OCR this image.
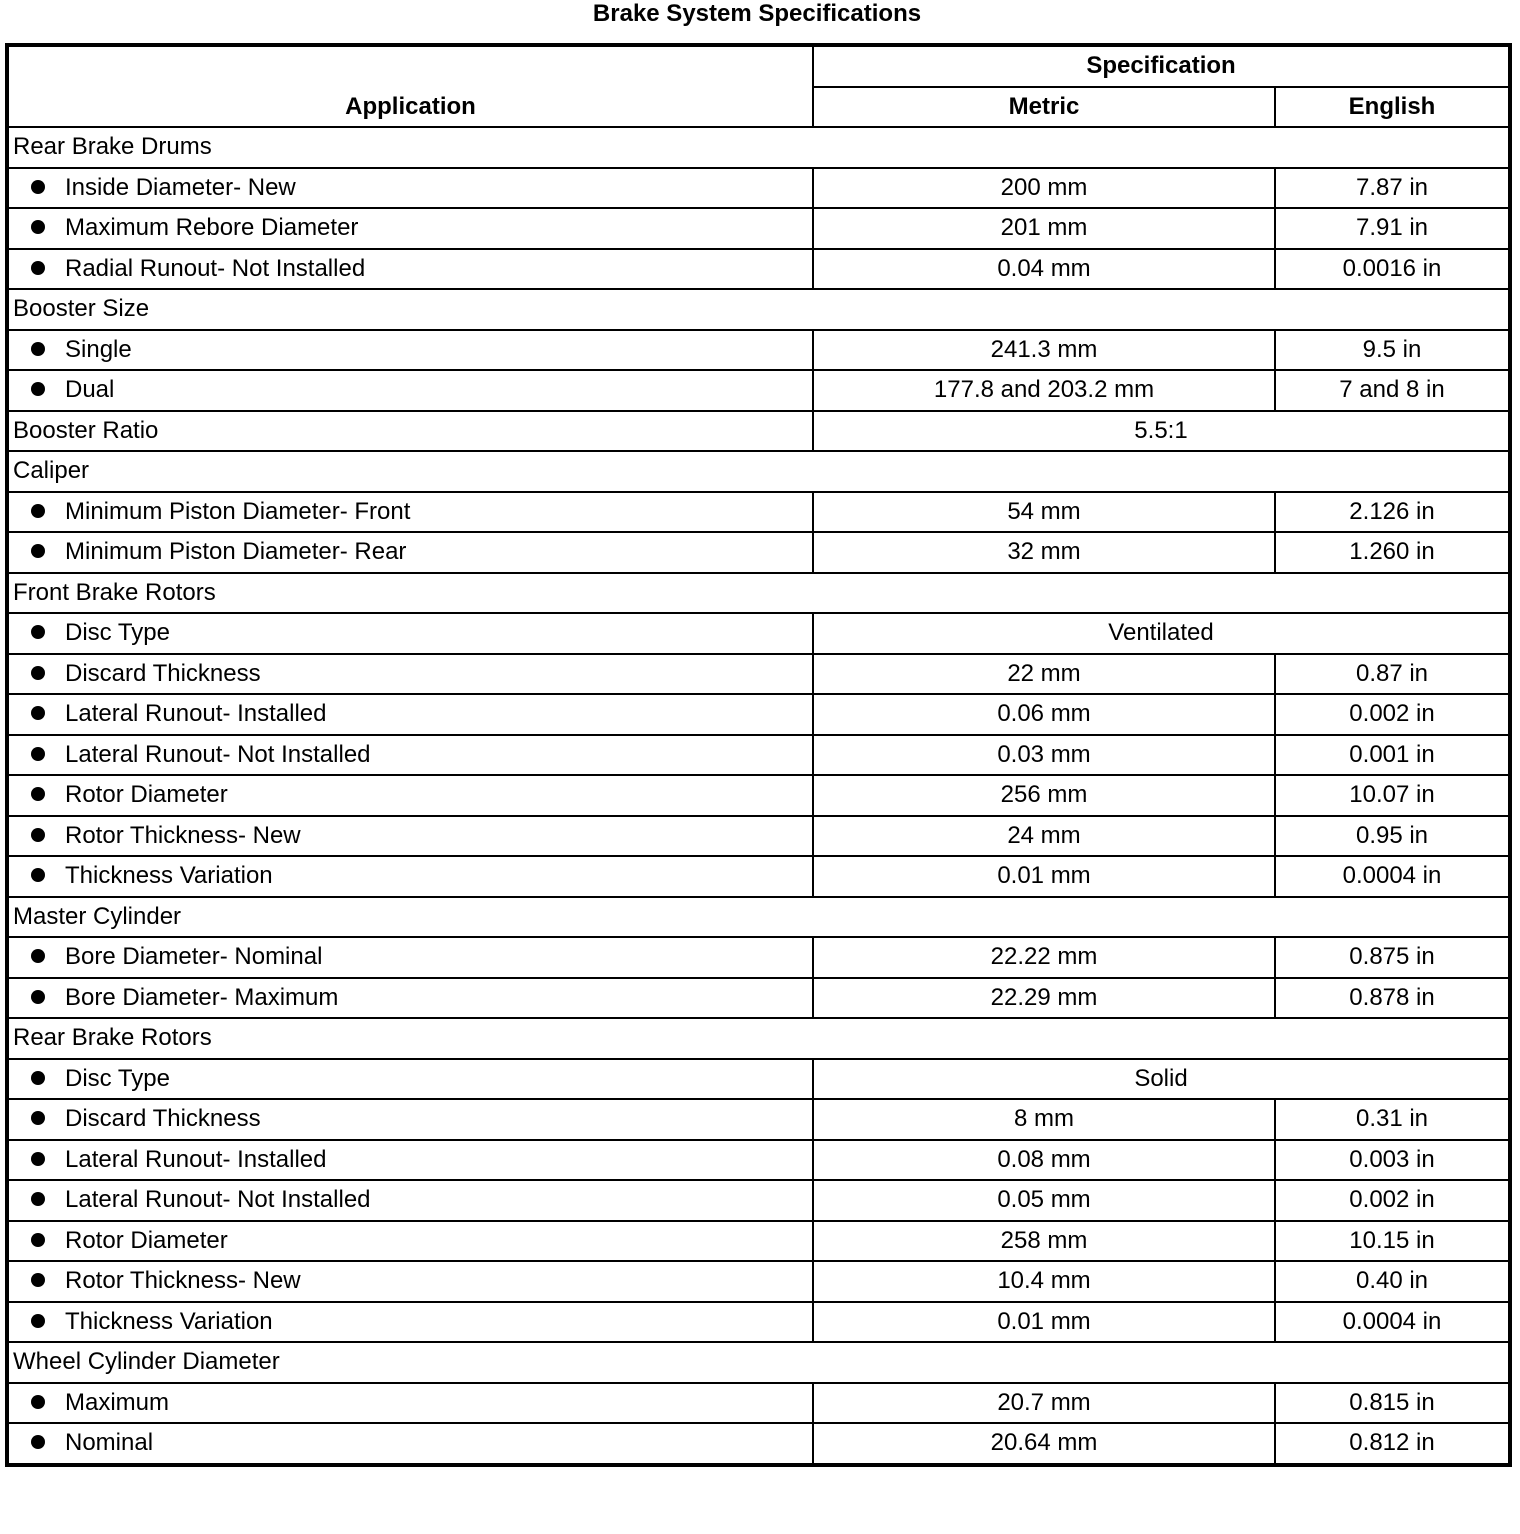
Brake System Specifications
Application	Specification	
	Metric	English
Rear Brake Drums		
Inside Diameter- New	200 mm	7.87 in
Maximum Rebore Diameter	201 mm	7.91 in
Radial Runout- Not Installed	0.04 mm	0.0016 in
Booster Size		
Single	241.3 mm	9.5 in
Dual	177.8 and 203.2 mm	7 and 8 in
Booster Ratio	5.5:1	
Caliper		
Minimum Piston Diameter- Front	54 mm	2.126 in
Minimum Piston Diameter- Rear	32 mm	1.260 in
Front Brake Rotors		
Disc Type	Ventilated	
Discard Thickness	22 mm	0.87 in
Lateral Runout- Installed	0.06 mm	0.002 in
Lateral Runout- Not Installed	0.03 mm	0.001 in
Rotor Diameter	256 mm	10.07 in
Rotor Thickness- New	24 mm	0.95 in
Thickness Variation	0.01 mm	0.0004 in
Master Cylinder		
Bore Diameter- Nominal	22.22 mm	0.875 in
Bore Diameter- Maximum	22.29 mm	0.878 in
Rear Brake Rotors		
Disc Type	Solid	
Discard Thickness	8 mm	0.31 in
Lateral Runout- Installed	0.08 mm	0.003 in
Lateral Runout- Not Installed	0.05 mm	0.002 in
Rotor Diameter	258 mm	10.15 in
Rotor Thickness- New	10.4 mm	0.40 in
Thickness Variation	0.01 mm	0.0004 in
Wheel Cylinder Diameter		
Maximum	20.7 mm	0.815 in
Nominal	20.64 mm	0.812 in
